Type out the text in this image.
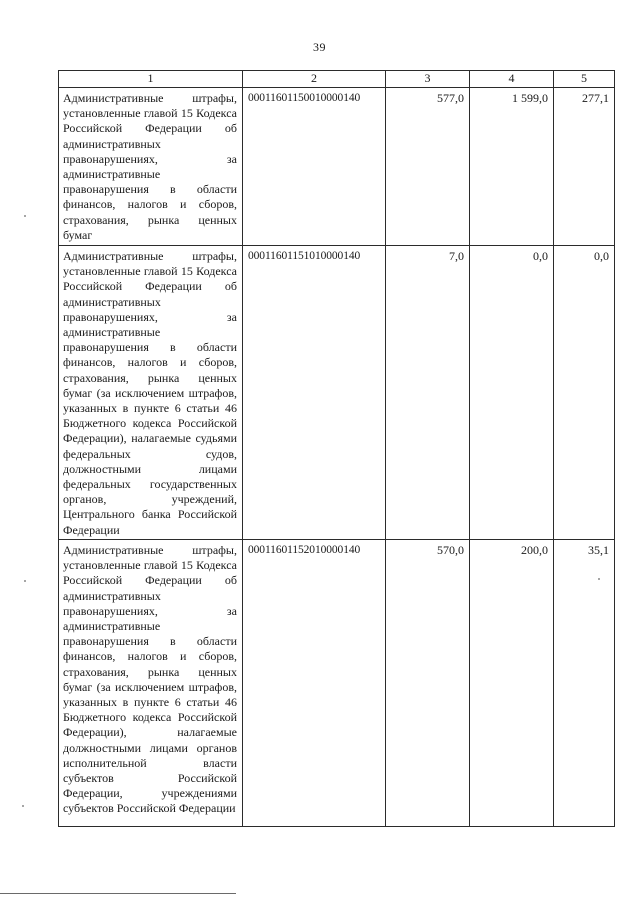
39
1	2	3	4	5
Административные штрафы, установленные главой 15 Кодекса Российской Федерации об административных правонарушениях, за административные правонарушения в области финансов, налогов и сборов, страхования, рынка ценных бумаг	00011601150010000140	577,0	1 599,0	277,1
Административные штрафы, установленные главой 15 Кодекса Российской Федерации об административных правонарушениях, за административные правонарушения в области финансов, налогов и сборов, страхования, рынка ценных бумаг (за исключением штрафов, указанных в пункте 6 статьи 46 Бюджетного кодекса Российской Федерации), налагаемые судьями федеральных судов, должностными лицами федеральных государственных органов, учреждений, Центрального банка Российской Федерации	00011601151010000140	7,0	0,0	0,0
Административные штрафы, установленные главой 15 Кодекса Российской Федерации об административных правонарушениях, за административные правонарушения в области финансов, налогов и сборов, страхования, рынка ценных бумаг (за исключением штрафов, указанных в пункте 6 статьи 46 Бюджетного кодекса Российской Федерации), налагаемые должностными лицами органов исполнительной власти субъектов Российской Федерации, учреждениями субъектов Российской Федерации	00011601152010000140	570,0	200,0	35,1
